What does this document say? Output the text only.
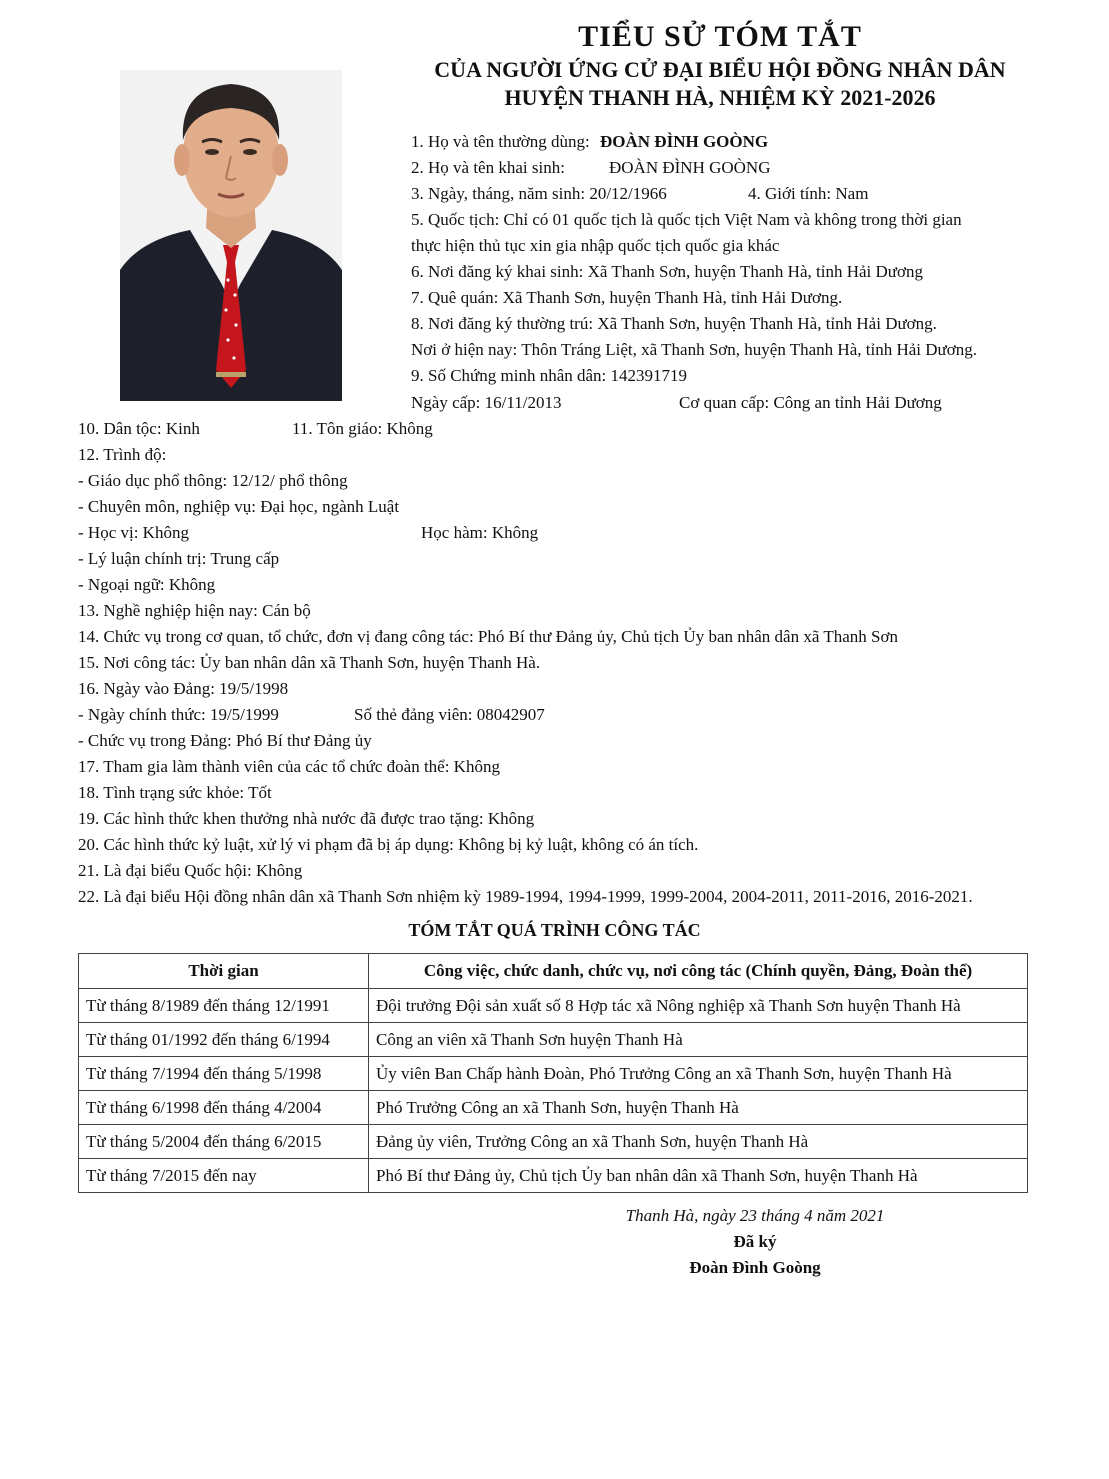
TIỂU SỬ TÓM TẮT
CỦA NGƯỜI ỨNG CỬ ĐẠI BIỂU HỘI ĐỒNG NHÂN DÂN
HUYỆN THANH HÀ, NHIỆM KỲ 2021-2026
1. Họ và tên thường dùng: ĐOÀN ĐÌNH GOÒNG
2. Họ và tên khai sinh:	ĐOÀN ĐÌNH GOÒNG
3. Ngày, tháng, năm sinh: 20/12/1966	4. Giới tính: Nam
5. Quốc tịch: Chỉ có 01 quốc tịch là quốc tịch Việt Nam và không trong thời gian
thực hiện thủ tục xin gia nhập quốc tịch quốc gia khác
6. Nơi đăng ký khai sinh: Xã Thanh Sơn, huyện Thanh Hà, tỉnh Hải Dương
7. Quê quán: Xã Thanh Sơn, huyện Thanh Hà, tỉnh Hải Dương.
8. Nơi đăng ký thường trú: Xã Thanh Sơn, huyện Thanh Hà, tỉnh Hải Dương.
Nơi ở hiện nay: Thôn Tráng Liệt, xã Thanh Sơn, huyện Thanh Hà, tỉnh Hải Dương.
9. Số Chứng minh nhân dân: 142391719
Ngày cấp: 16/11/2013	Cơ quan cấp: Công an tỉnh Hải Dương
10. Dân tộc: Kinh	11. Tôn giáo: Không
12. Trình độ:
- Giáo dục phổ thông: 12/12/ phổ thông
- Chuyên môn, nghiệp vụ: Đại học, ngành Luật
- Học vị: Không	Học hàm: Không
- Lý luận chính trị: Trung cấp
- Ngoại ngữ: Không
13. Nghề nghiệp hiện nay: Cán bộ
14. Chức vụ trong cơ quan, tổ chức, đơn vị đang công tác: Phó Bí thư Đảng ủy, Chủ tịch Ủy ban nhân dân xã Thanh Sơn
15. Nơi công tác: Ủy ban nhân dân xã Thanh Sơn, huyện Thanh Hà.
16. Ngày vào Đảng: 19/5/1998
- Ngày chính thức: 19/5/1999	Số thẻ đảng viên: 08042907
- Chức vụ trong Đảng: Phó Bí thư Đảng ủy
17. Tham gia làm thành viên của các tổ chức đoàn thể: Không
18. Tình trạng sức khỏe: Tốt
19. Các hình thức khen thưởng nhà nước đã được trao tặng: Không
20. Các hình thức kỷ luật, xử lý vi phạm đã bị áp dụng: Không bị kỷ luật, không có án tích.
21. Là đại biểu Quốc hội: Không
22. Là đại biểu Hội đồng nhân dân xã Thanh Sơn nhiệm kỳ 1989-1994, 1994-1999, 1999-2004, 2004-2011, 2011-2016, 2016-2021.
TÓM TẮT QUÁ TRÌNH CÔNG TÁC
Thời gian	Công việc, chức danh, chức vụ, nơi công tác (Chính quyền, Đảng, Đoàn thể)
Từ tháng 8/1989 đến tháng 12/1991	Đội trưởng Đội sản xuất số 8 Hợp tác xã Nông nghiệp xã Thanh Sơn huyện Thanh Hà
Từ tháng 01/1992 đến tháng 6/1994	Công an viên xã Thanh Sơn huyện Thanh Hà
Từ tháng 7/1994 đến tháng 5/1998	Ủy viên Ban Chấp hành Đoàn, Phó Trưởng Công an xã Thanh Sơn, huyện Thanh Hà
Từ tháng 6/1998 đến tháng 4/2004	Phó Trưởng Công an xã Thanh Sơn, huyện Thanh Hà
Từ tháng 5/2004 đến tháng 6/2015	Đảng ủy viên, Trưởng Công an xã Thanh Sơn, huyện Thanh Hà
Từ tháng 7/2015 đến nay	Phó Bí thư Đảng ủy, Chủ tịch Ủy ban nhân dân xã Thanh Sơn, huyện Thanh Hà
Thanh Hà, ngày 23 tháng 4 năm 2021
Đã ký
Đoàn Đình Goòng
